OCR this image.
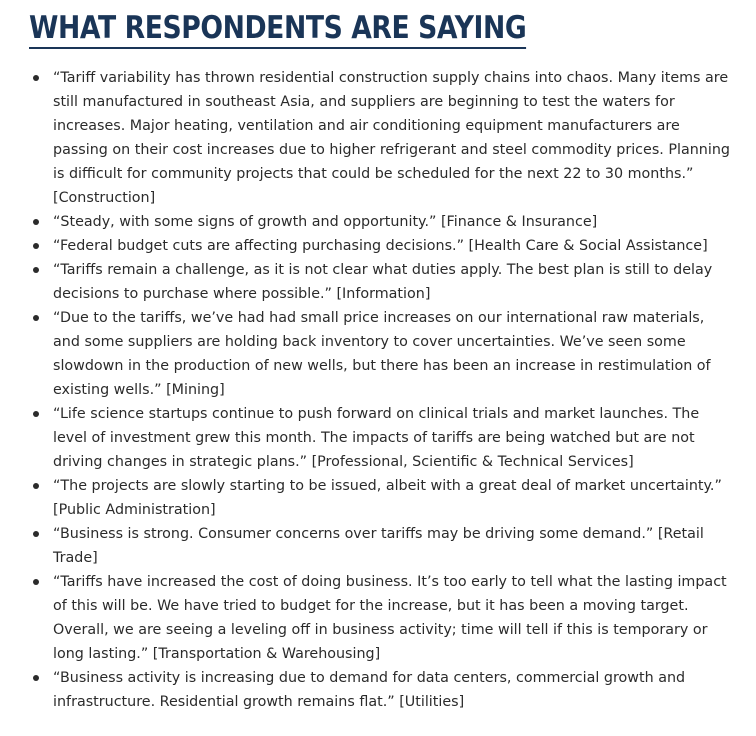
WHAT RESPONDENTS ARE SAYING
“Tariff variability has thrown residential construction supply chains into chaos. Many items are still manufactured in southeast Asia, and suppliers are beginning to test the waters for increases. Major heating, ventilation and air conditioning equipment manufacturers are passing on their cost increases due to higher refrigerant and steel commodity prices. Planning is difficult for community projects that could be scheduled for the next 22 to 30 months.” [Construction]
“Steady, with some signs of growth and opportunity.” [Finance & Insurance]
“Federal budget cuts are affecting purchasing decisions.” [Health Care & Social Assistance]
“Tariffs remain a challenge, as it is not clear what duties apply. The best plan is still to delay decisions to purchase where possible.” [Information]
“Due to the tariffs, we’ve had had small price increases on our international raw materials, and some suppliers are holding back inventory to cover uncertainties. We’ve seen some slowdown in the production of new wells, but there has been an increase in restimulation of existing wells.” [Mining]
“Life science startups continue to push forward on clinical trials and market launches. The level of investment grew this month. The impacts of tariffs are being watched but are not driving changes in strategic plans.” [Professional, Scientific & Technical Services]
“The projects are slowly starting to be issued, albeit with a great deal of market uncertainty.” [Public Administration]
“Business is strong. Consumer concerns over tariffs may be driving some demand.” [Retail Trade]
“Tariffs have increased the cost of doing business. It’s too early to tell what the lasting impact of this will be. We have tried to budget for the increase, but it has been a moving target. Overall, we are seeing a leveling off in business activity; time will tell if this is temporary or long lasting.” [Transportation & Warehousing]
“Business activity is increasing due to demand for data centers, commercial growth and infrastructure. Residential growth remains flat.” [Utilities]
